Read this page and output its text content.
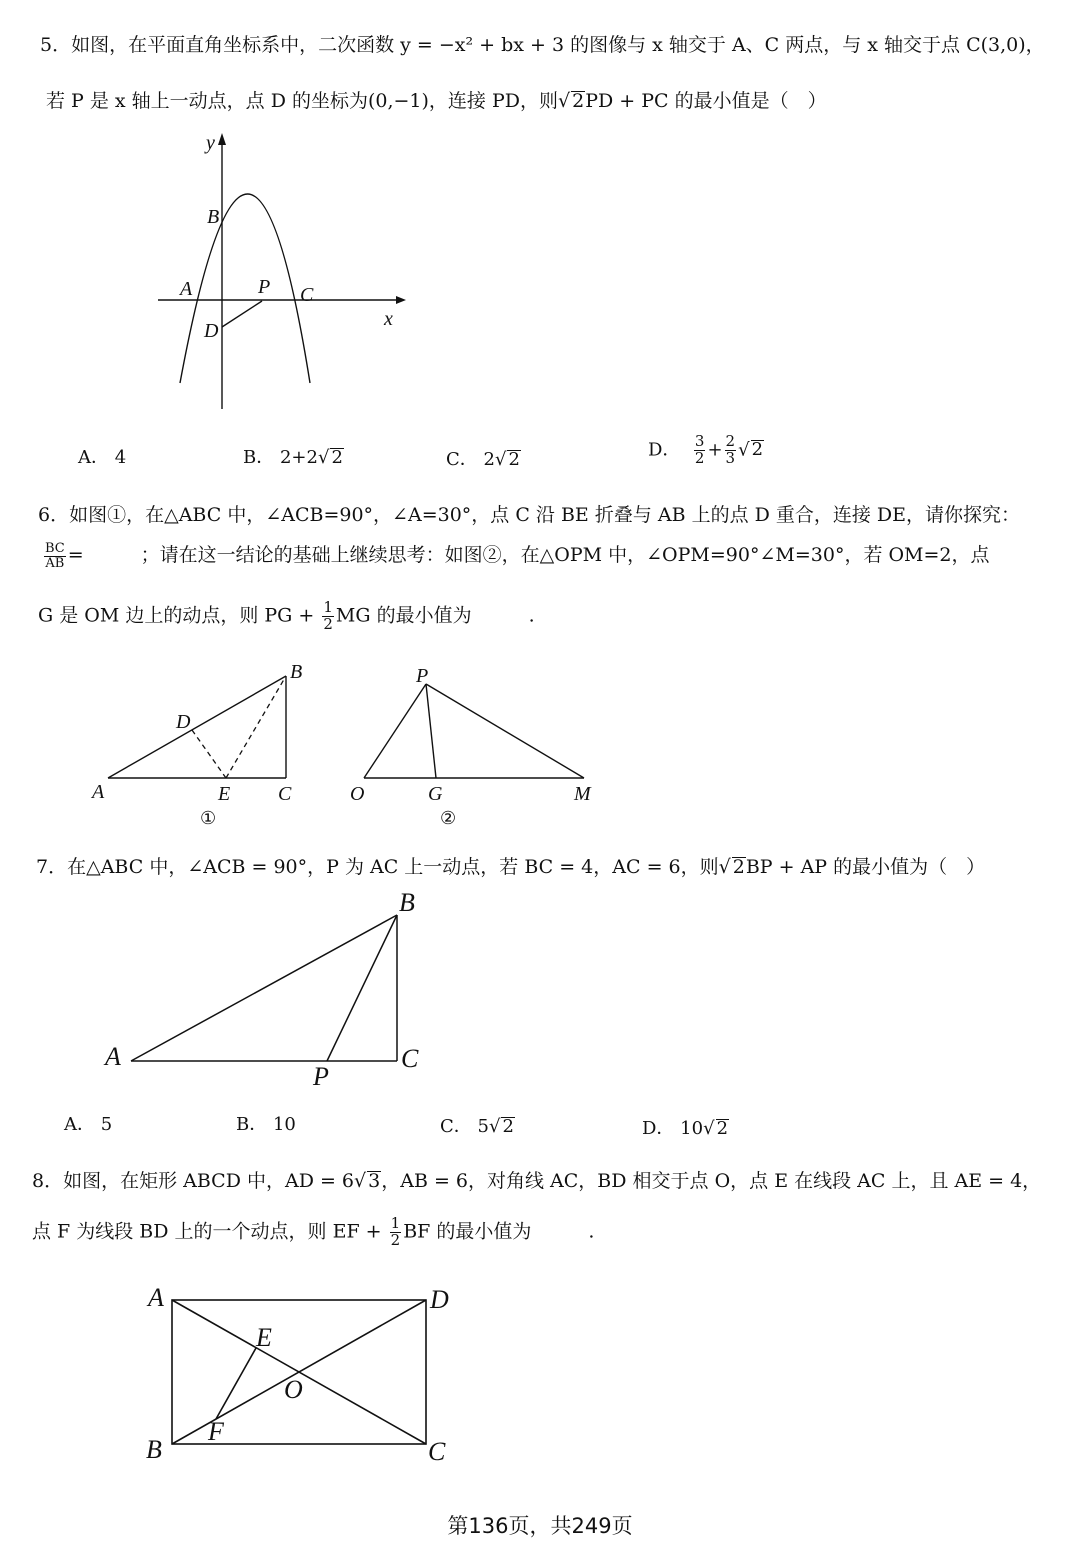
5．如图，在平面直角坐标系中，二次函数 y = −x² + bx + 3 的图像与 x 轴交于 A、C 两点，与 x 轴交于点 C(3,0)，
若 P 是 x 轴上一动点，点 D 的坐标为(0,−1)，连接 PD，则√ 2PD + PC 的最小值是（　）
y
x
B
A	P C
D
A． 4	B． 2+2√ 2	C． 2√ 2	D． $\frac{3}{2} + \frac{2}{3}$ √ 2
6．如图①，在△ABC 中，∠ACB=90°，∠A=30°，点 C 沿 BE 折叠与 AB 上的点 D 重合，连接 DE，请你探究：
$\frac{BC}{AB}$ =　　　；请在这一结论的基础上继续思考：如图②，在△OPM 中，∠OPM=90°∠M=30°，若 OM=2，点
G 是 OM 边上的动点，则 PG + $\frac{1}{2}$ MG 的最小值为　　　.
A
B
C
D
E
①
P
O	G	M
②
7．在△ABC 中，∠ACB = 90°，P 为 AC 上一动点，若 BC = 4，AC = 6，则√ 2BP + AP 的最小值为（　）
A
B
C
P
A． 5	B． 10	C． 5√ 2	D． 10√ 2
8．如图，在矩形 ABCD 中，AD = 6√ 3，AB = 6，对角线 AC，BD 相交于点 O，点 E 在线段 AC 上，且 AE = 4，
点 F 为线段 BD 上的一个动点，则 EF + $\frac{1}{2}$ BF 的最小值为　　　.
A	D
B	C
E
F
O
第136页，共249页
